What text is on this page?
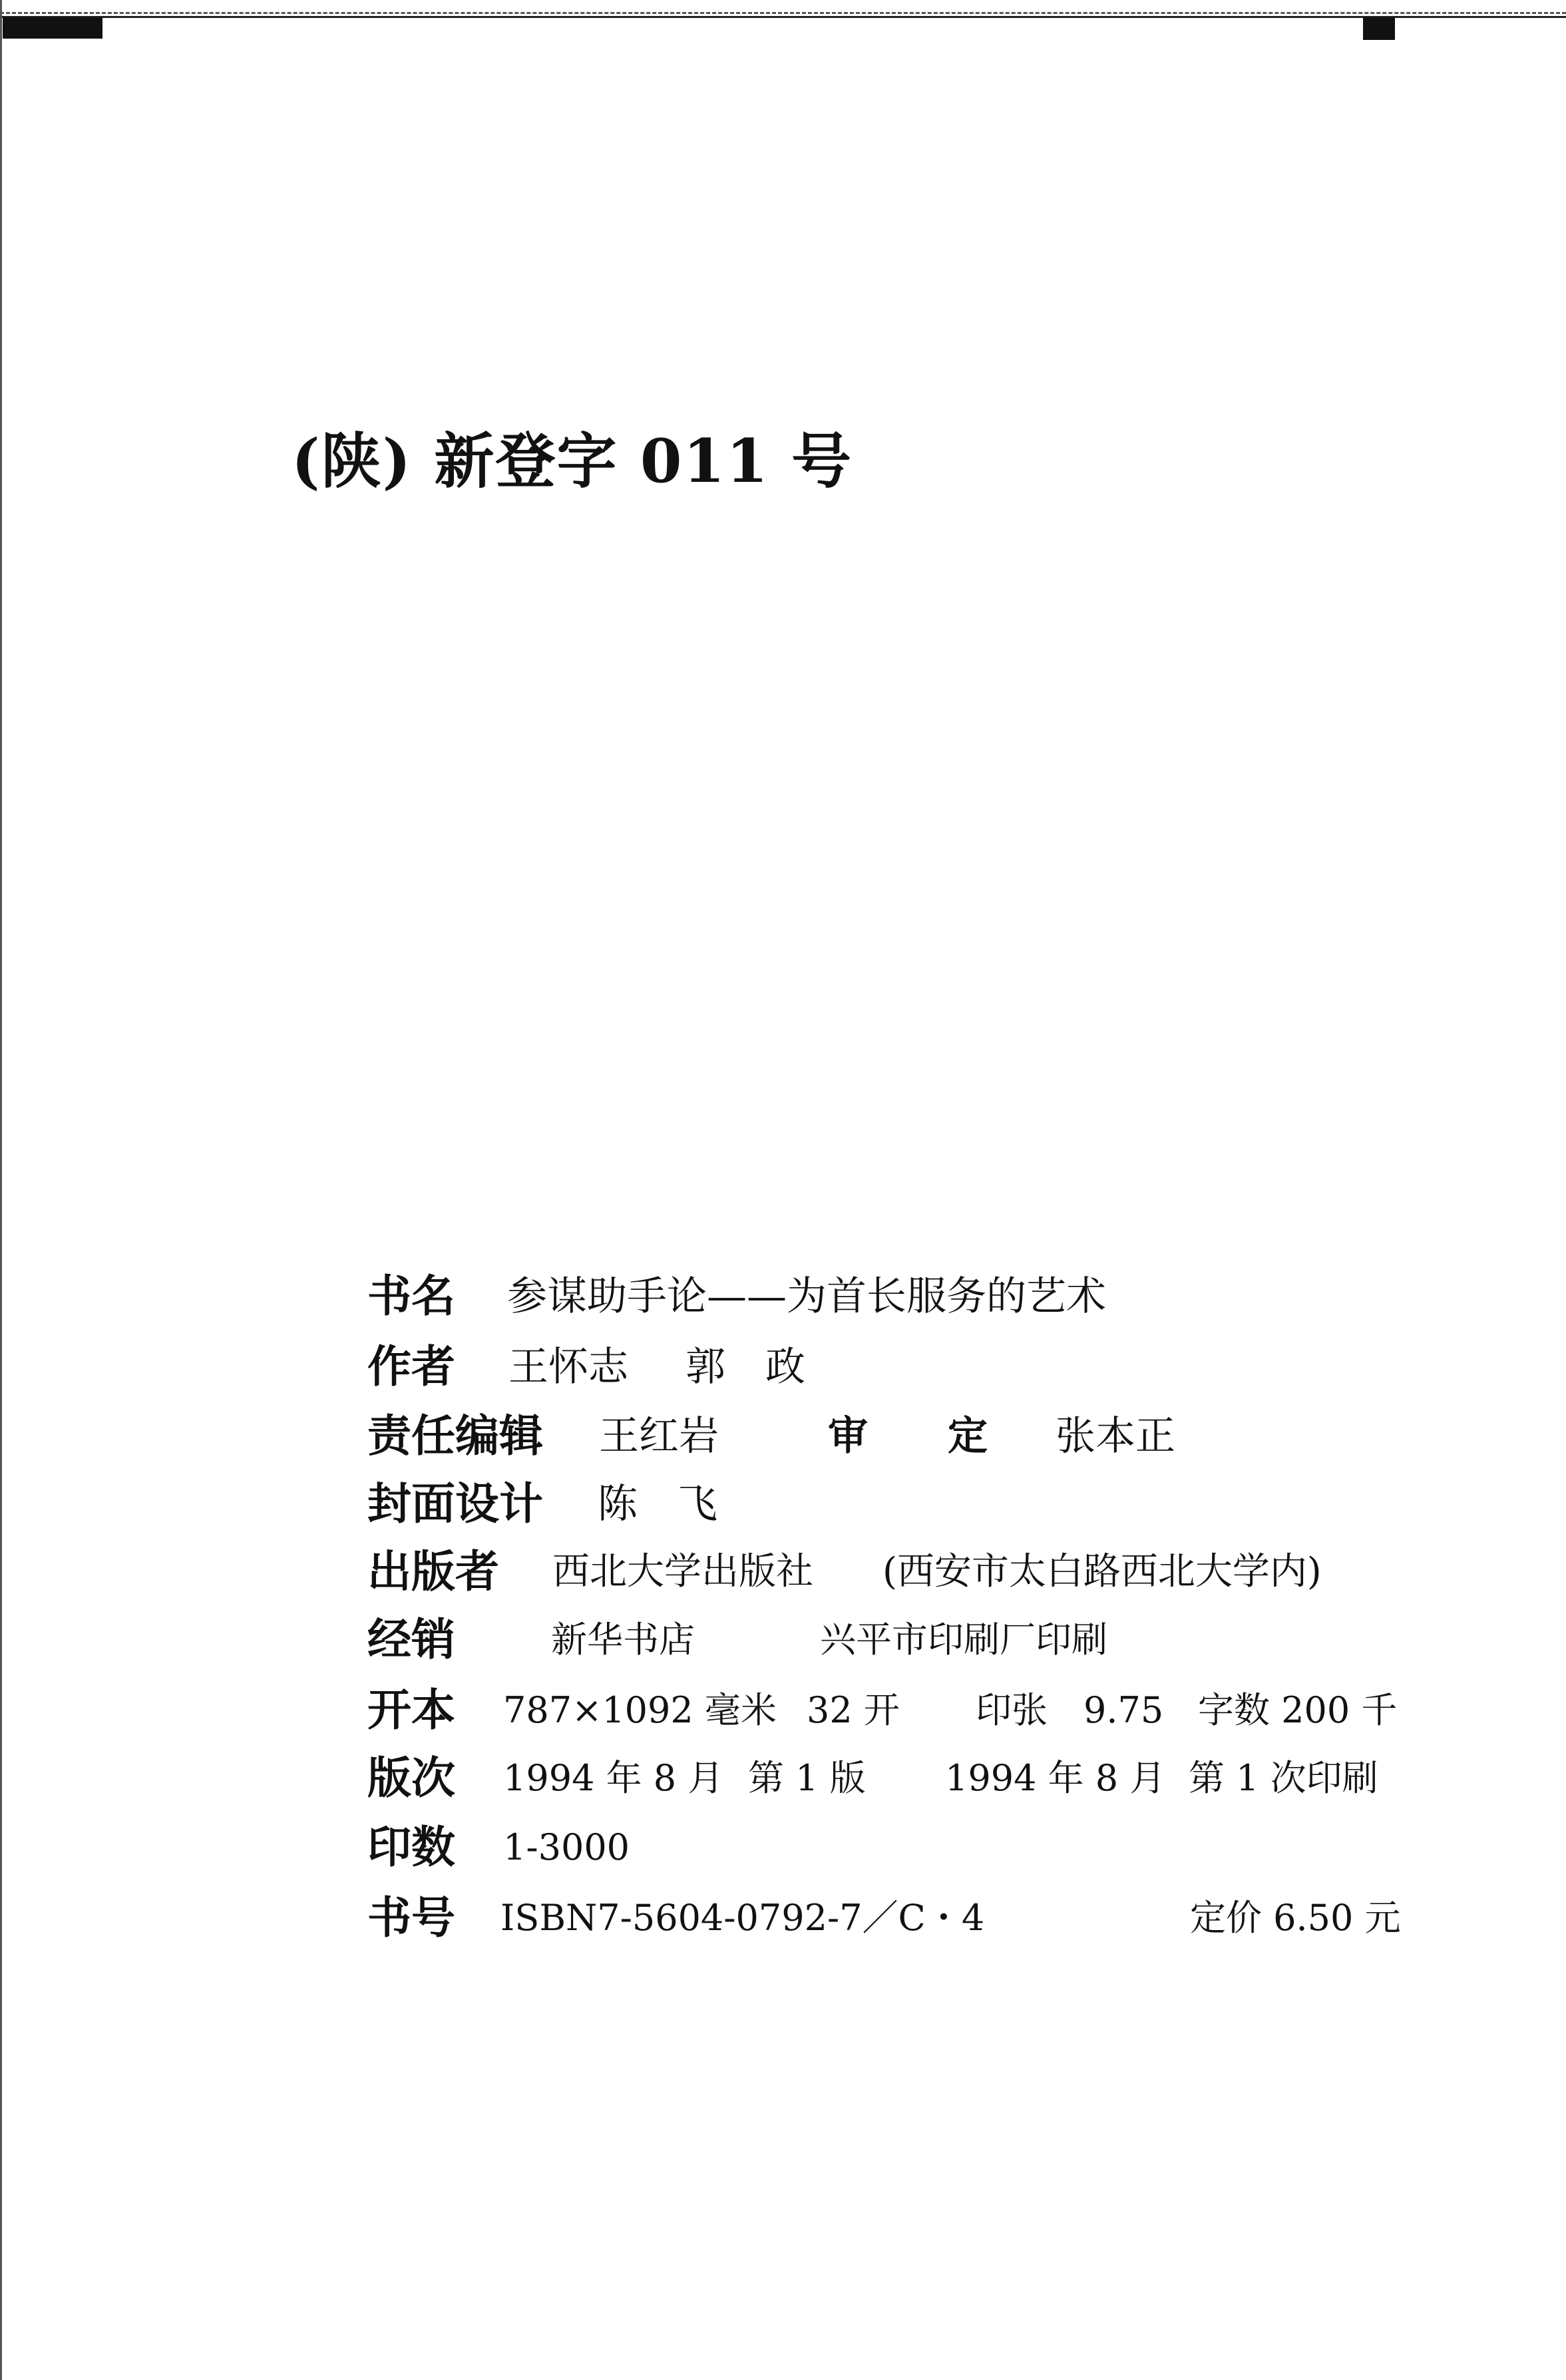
(陕) 新登字 011 号

书名 参谋助手论——为首长服务的艺术
作者 王怀志 郭　政
责任编辑 王红岩	审　　定 张本正
封面设计 陈　飞
出版者 西北大学出版社 (西安市太白路西北大学内)
经销	新华书店	兴平市印刷厂印刷
开本 787×1092 毫米 32 开 印张　9.75 字数 200 千
版次 1994 年 8 月 第 1 版 1994 年 8 月 第 1 次印刷
印数 1-3000
书号 ISBN7-5604-0792-7／C・4	定价 6.50 元
